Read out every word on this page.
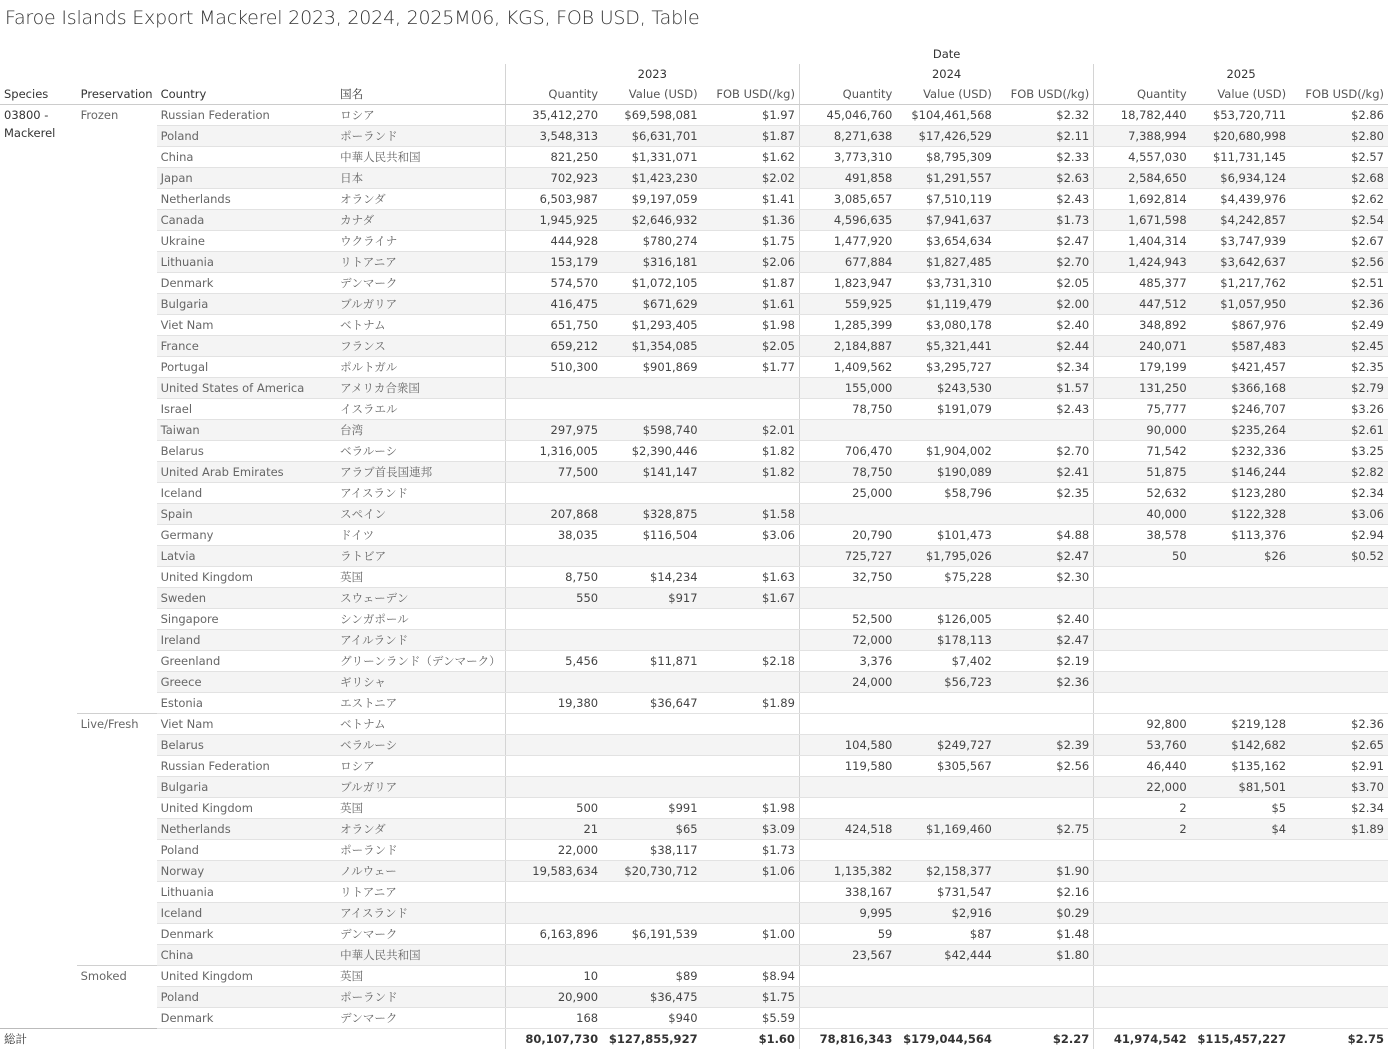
Faroe Islands Export Mackerel 2023, 2024, 2025M06, KGS, FOB USD, Table
				Date								
				2023			2024			2025		
Species	Preservation	Country	国名	Quantity	Value (USD)	FOB USD(/kg)	Quantity	Value (USD)	FOB USD(/kg)	Quantity	Value (USD)	FOB USD(/kg)
03800 - Mackerel	Frozen	Russian Federation	ロシア	35,412,270	$69,598,081	$1.97	45,046,760	$104,461,568	$2.32	18,782,440	$53,720,711	$2.86
		Poland	ポーランド	3,548,313	$6,631,701	$1.87	8,271,638	$17,426,529	$2.11	7,388,994	$20,680,998	$2.80
		China	中華人民共和国	821,250	$1,331,071	$1.62	3,773,310	$8,795,309	$2.33	4,557,030	$11,731,145	$2.57
		Japan	日本	702,923	$1,423,230	$2.02	491,858	$1,291,557	$2.63	2,584,650	$6,934,124	$2.68
		Netherlands	オランダ	6,503,987	$9,197,059	$1.41	3,085,657	$7,510,119	$2.43	1,692,814	$4,439,976	$2.62
		Canada	カナダ	1,945,925	$2,646,932	$1.36	4,596,635	$7,941,637	$1.73	1,671,598	$4,242,857	$2.54
		Ukraine	ウクライナ	444,928	$780,274	$1.75	1,477,920	$3,654,634	$2.47	1,404,314	$3,747,939	$2.67
		Lithuania	リトアニア	153,179	$316,181	$2.06	677,884	$1,827,485	$2.70	1,424,943	$3,642,637	$2.56
		Denmark	デンマーク	574,570	$1,072,105	$1.87	1,823,947	$3,731,310	$2.05	485,377	$1,217,762	$2.51
		Bulgaria	ブルガリア	416,475	$671,629	$1.61	559,925	$1,119,479	$2.00	447,512	$1,057,950	$2.36
		Viet Nam	ベトナム	651,750	$1,293,405	$1.98	1,285,399	$3,080,178	$2.40	348,892	$867,976	$2.49
		France	フランス	659,212	$1,354,085	$2.05	2,184,887	$5,321,441	$2.44	240,071	$587,483	$2.45
		Portugal	ポルトガル	510,300	$901,869	$1.77	1,409,562	$3,295,727	$2.34	179,199	$421,457	$2.35
		United States of America	アメリカ合衆国				155,000	$243,530	$1.57	131,250	$366,168	$2.79
		Israel	イスラエル				78,750	$191,079	$2.43	75,777	$246,707	$3.26
		Taiwan	台湾	297,975	$598,740	$2.01				90,000	$235,264	$2.61
		Belarus	ベラルーシ	1,316,005	$2,390,446	$1.82	706,470	$1,904,002	$2.70	71,542	$232,336	$3.25
		United Arab Emirates	アラブ首長国連邦	77,500	$141,147	$1.82	78,750	$190,089	$2.41	51,875	$146,244	$2.82
		Iceland	アイスランド				25,000	$58,796	$2.35	52,632	$123,280	$2.34
		Spain	スペイン	207,868	$328,875	$1.58				40,000	$122,328	$3.06
		Germany	ドイツ	38,035	$116,504	$3.06	20,790	$101,473	$4.88	38,578	$113,376	$2.94
		Latvia	ラトビア				725,727	$1,795,026	$2.47	50	$26	$0.52
		United Kingdom	英国	8,750	$14,234	$1.63	32,750	$75,228	$2.30			
		Sweden	スウェーデン	550	$917	$1.67						
		Singapore	シンガポール				52,500	$126,005	$2.40			
		Ireland	アイルランド				72,000	$178,113	$2.47			
		Greenland	グリーンランド（デンマーク）	5,456	$11,871	$2.18	3,376	$7,402	$2.19			
		Greece	ギリシャ				24,000	$56,723	$2.36			
		Estonia	エストニア	19,380	$36,647	$1.89						
	Live/Fresh	Viet Nam	ベトナム							92,800	$219,128	$2.36
		Belarus	ベラルーシ				104,580	$249,727	$2.39	53,760	$142,682	$2.65
		Russian Federation	ロシア				119,580	$305,567	$2.56	46,440	$135,162	$2.91
		Bulgaria	ブルガリア							22,000	$81,501	$3.70
		United Kingdom	英国	500	$991	$1.98				2	$5	$2.34
		Netherlands	オランダ	21	$65	$3.09	424,518	$1,169,460	$2.75	2	$4	$1.89
		Poland	ポーランド	22,000	$38,117	$1.73						
		Norway	ノルウェー	19,583,634	$20,730,712	$1.06	1,135,382	$2,158,377	$1.90			
		Lithuania	リトアニア				338,167	$731,547	$2.16			
		Iceland	アイスランド				9,995	$2,916	$0.29			
		Denmark	デンマーク	6,163,896	$6,191,539	$1.00	59	$87	$1.48			
		China	中華人民共和国				23,567	$42,444	$1.80			
	Smoked	United Kingdom	英国	10	$89	$8.94						
		Poland	ポーランド	20,900	$36,475	$1.75						
		Denmark	デンマーク	168	$940	$5.59						
総計				80,107,730	$127,855,927	$1.60	78,816,343	$179,044,564	$2.27	41,974,542	$115,457,227	$2.75
